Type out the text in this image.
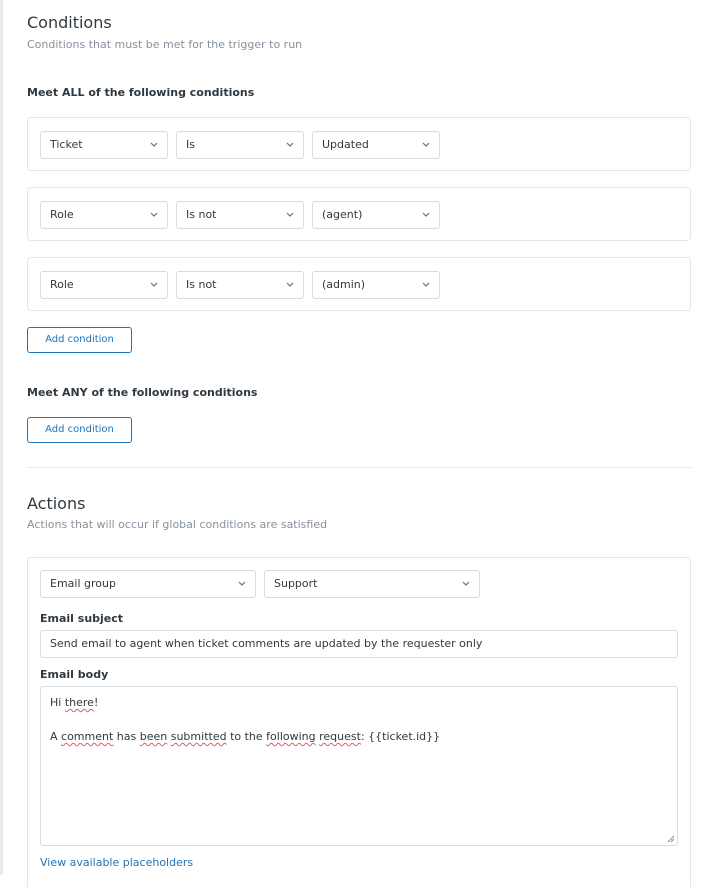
Conditions
Conditions that must be met for the trigger to run
Meet ALL of the following conditions
Ticket	Is	Updated
Role	Is not	(agent)
Role	Is not	(admin)
Add condition
Meet ANY of the following conditions
Add condition
Actions
Actions that will occur if global conditions are satisfied
Email group	Support
Email subject
Send email to agent when ticket comments are updated by the requester only
Email body
Hi there!
A comment has been submitted to the following request: {{ticket.id}}
View available placeholders
